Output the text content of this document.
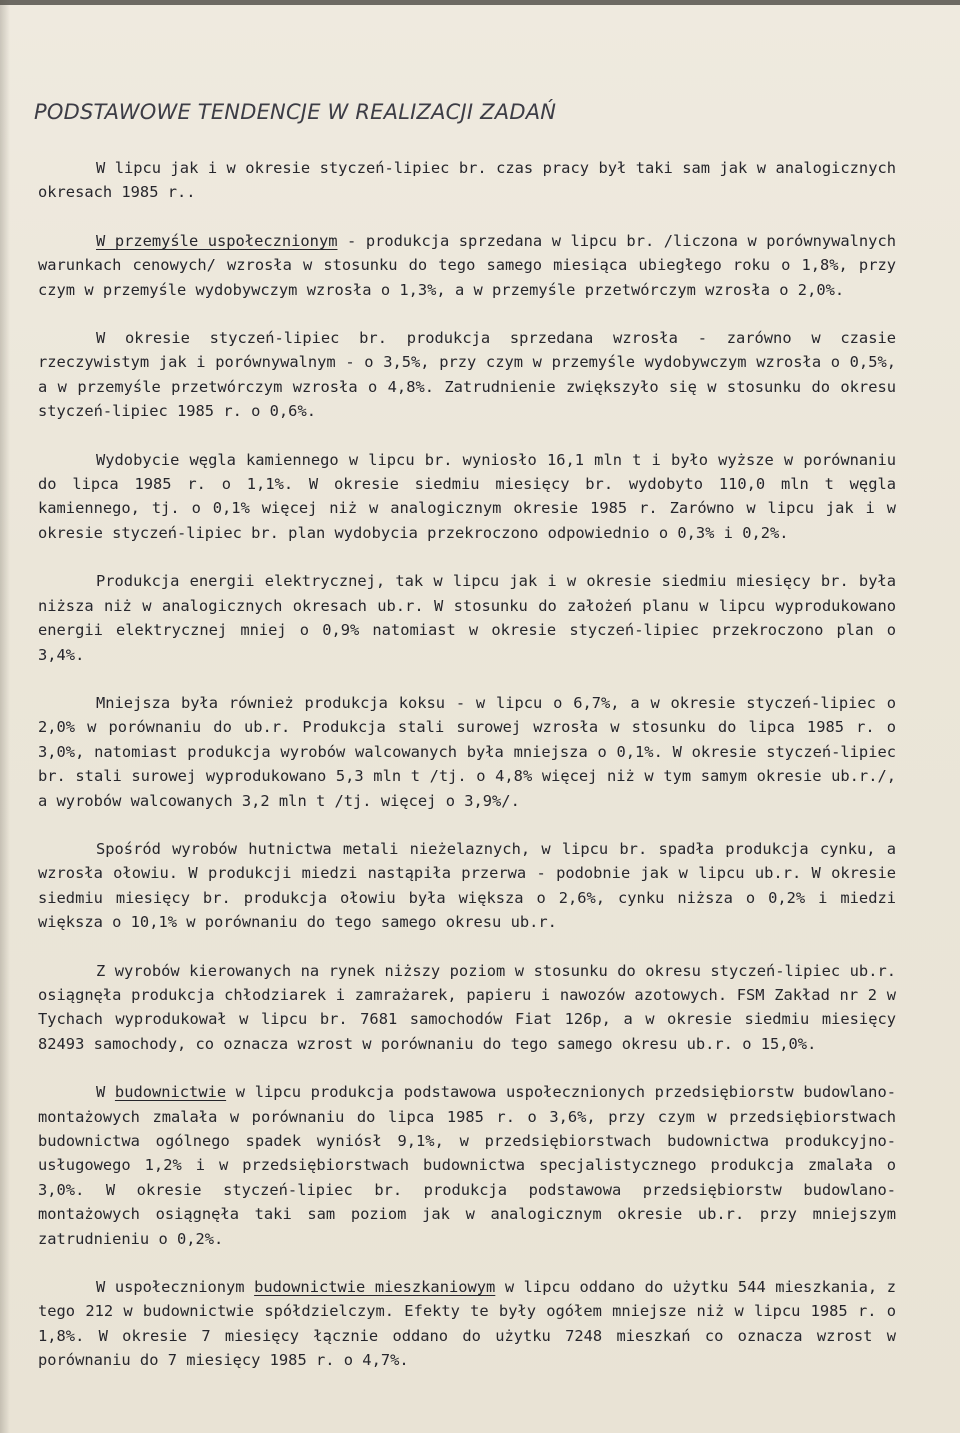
PODSTAWOWE TENDENCJE W REALIZACJI ZADAŃ

W lipcu jak i w okresie styczeń-lipiec br. czas pracy był taki sam jak w analogicznych okresach 1985 r..

W przemyśle uspołecznionym - produkcja sprzedana w lipcu br. /liczona w porównywalnych warunkach cenowych/ wzrosła w stosunku do tego samego miesiąca ubiegłego roku o 1,8%, przy czym w przemyśle wydobywczym wzrosła o 1,3%, a w przemyśle przetwórczym wzrosła o 2,0%.

W okresie styczeń-lipiec br. produkcja sprzedana wzrosła - zarówno w czasie rzeczywistym jak i porównywalnym - o 3,5%, przy czym w przemyśle wydobywczym wzrosła o 0,5%, a w przemyśle przetwórczym wzrosła o 4,8%. Zatrudnienie zwiększyło się w stosunku do okresu styczeń-lipiec 1985 r. o 0,6%.

Wydobycie węgla kamiennego w lipcu br. wyniosło 16,1 mln t i było wyższe w porównaniu do lipca 1985 r. o 1,1%. W okresie siedmiu miesięcy br. wydobyto 110,0 mln t węgla kamiennego, tj. o 0,1% więcej niż w analogicznym okresie 1985 r. Zarówno w lipcu jak i w okresie styczeń-lipiec br. plan wydobycia przekroczono odpowiednio o 0,3% i 0,2%.

Produkcja energii elektrycznej, tak w lipcu jak i w okresie siedmiu miesięcy br. była niższa niż w analogicznych okresach ub.r. W stosunku do założeń planu w lipcu wyprodukowano energii elektrycznej mniej o 0,9% natomiast w okresie styczeń-lipiec przekroczono plan o 3,4%.

Mniejsza była również produkcja koksu - w lipcu o 6,7%, a w okresie styczeń-lipiec o 2,0% w porównaniu do ub.r. Produkcja stali surowej wzrosła w stosunku do lipca 1985 r. o 3,0%, natomiast produkcja wyrobów walcowanych była mniejsza o 0,1%. W okresie styczeń-lipiec br. stali surowej wyprodukowano 5,3 mln t /tj. o 4,8% więcej niż w tym samym okresie ub.r./, a wyrobów walcowanych 3,2 mln t /tj. więcej o 3,9%/.

Spośród wyrobów hutnictwa metali nieżelaznych, w lipcu br. spadła produkcja cynku, a wzrosła ołowiu. W produkcji miedzi nastąpiła przerwa - podobnie jak w lipcu ub.r. W okresie siedmiu miesięcy br. produkcja ołowiu była większa o 2,6%, cynku niższa o 0,2% i miedzi większa o 10,1% w porównaniu do tego samego okresu ub.r.

Z wyrobów kierowanych na rynek niższy poziom w stosunku do okresu styczeń-lipiec ub.r. osiągnęła produkcja chłodziarek i zamrażarek, papieru i nawozów azotowych. FSM Zakład nr 2 w Tychach wyprodukował w lipcu br. 7681 samochodów Fiat 126p, a w okresie siedmiu miesięcy 82493 samochody, co oznacza wzrost w porównaniu do tego samego okresu ub.r. o 15,0%.

W budownictwie w lipcu produkcja podstawowa uspołecznionych przedsiębiorstw budowlano-montażowych zmalała w porównaniu do lipca 1985 r. o 3,6%, przy czym w przedsiębiorstwach budownictwa ogólnego spadek wyniósł 9,1%, w przedsiębiorstwach budownictwa produkcyjno-usługowego 1,2% i w przedsiębiorstwach budownictwa specjalistycznego produkcja zmalała o 3,0%. W okresie styczeń-lipiec br. produkcja podstawowa przedsiębiorstw budowlano-montażowych osiągnęła taki sam poziom jak w analogicznym okresie ub.r. przy mniejszym zatrudnieniu o 0,2%.

W uspołecznionym budownictwie mieszkaniowym w lipcu oddano do użytku 544 mieszkania, z tego 212 w budownictwie spółdzielczym. Efekty te były ogółem mniejsze niż w lipcu 1985 r. o 1,8%. W okresie 7 miesięcy łącznie oddano do użytku 7248 mieszkań co oznacza wzrost w porównaniu do 7 miesięcy 1985 r. o 4,7%.
